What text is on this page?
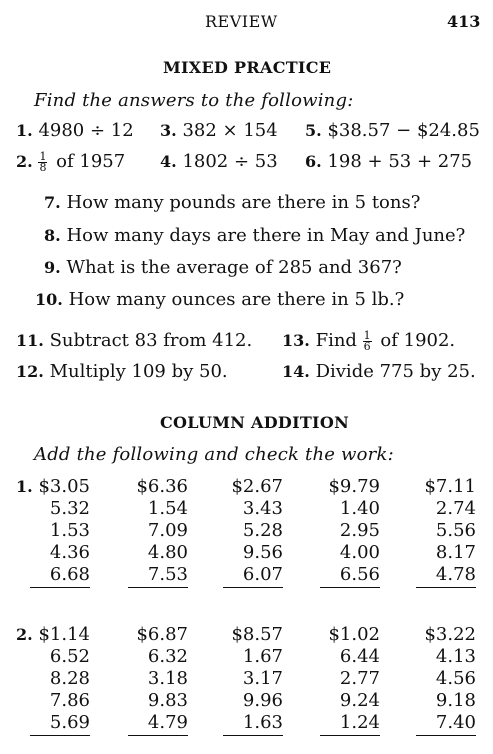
REVIEW	413
MIXED PRACTICE
Find the answers to the following:
1. 4980 ÷ 12 3. 382 × 154 5. $38.57 − $24.85
2. $\frac{1}{8}$ of 1957 4. 1802 ÷ 53 6. 198 + 53 + 275
7. How many pounds are there in 5 tons?
8. How many days are there in May and June?
9. What is the average of 285 and 367?
10. How many ounces are there in 5 lb.?
11. Subtract 83 from 412. 13. Find $\frac{1}{6}$ of 1902.
12. Multiply 109 by 50.	14. Divide 775 by 25.
COLUMN ADDITION
Add the following and check the work:
1. $3.05
5.32
1.53
4.36
6.68
$6.36
1.54
7.09
4.80
7.53
$2.67
3.43
5.28
9.56
6.07
$9.79
1.40
2.95
4.00
6.56
$7.11
2.74
5.56
8.17
4.78
2. $1.14
6.52
8.28
7.86
5.69
$6.87
6.32
3.18
9.83
4.79
$8.57
1.67
3.17
9.96
1.63
$1.02
6.44
2.77
9.24
1.24
$3.22
4.13
4.56
9.18
7.40
